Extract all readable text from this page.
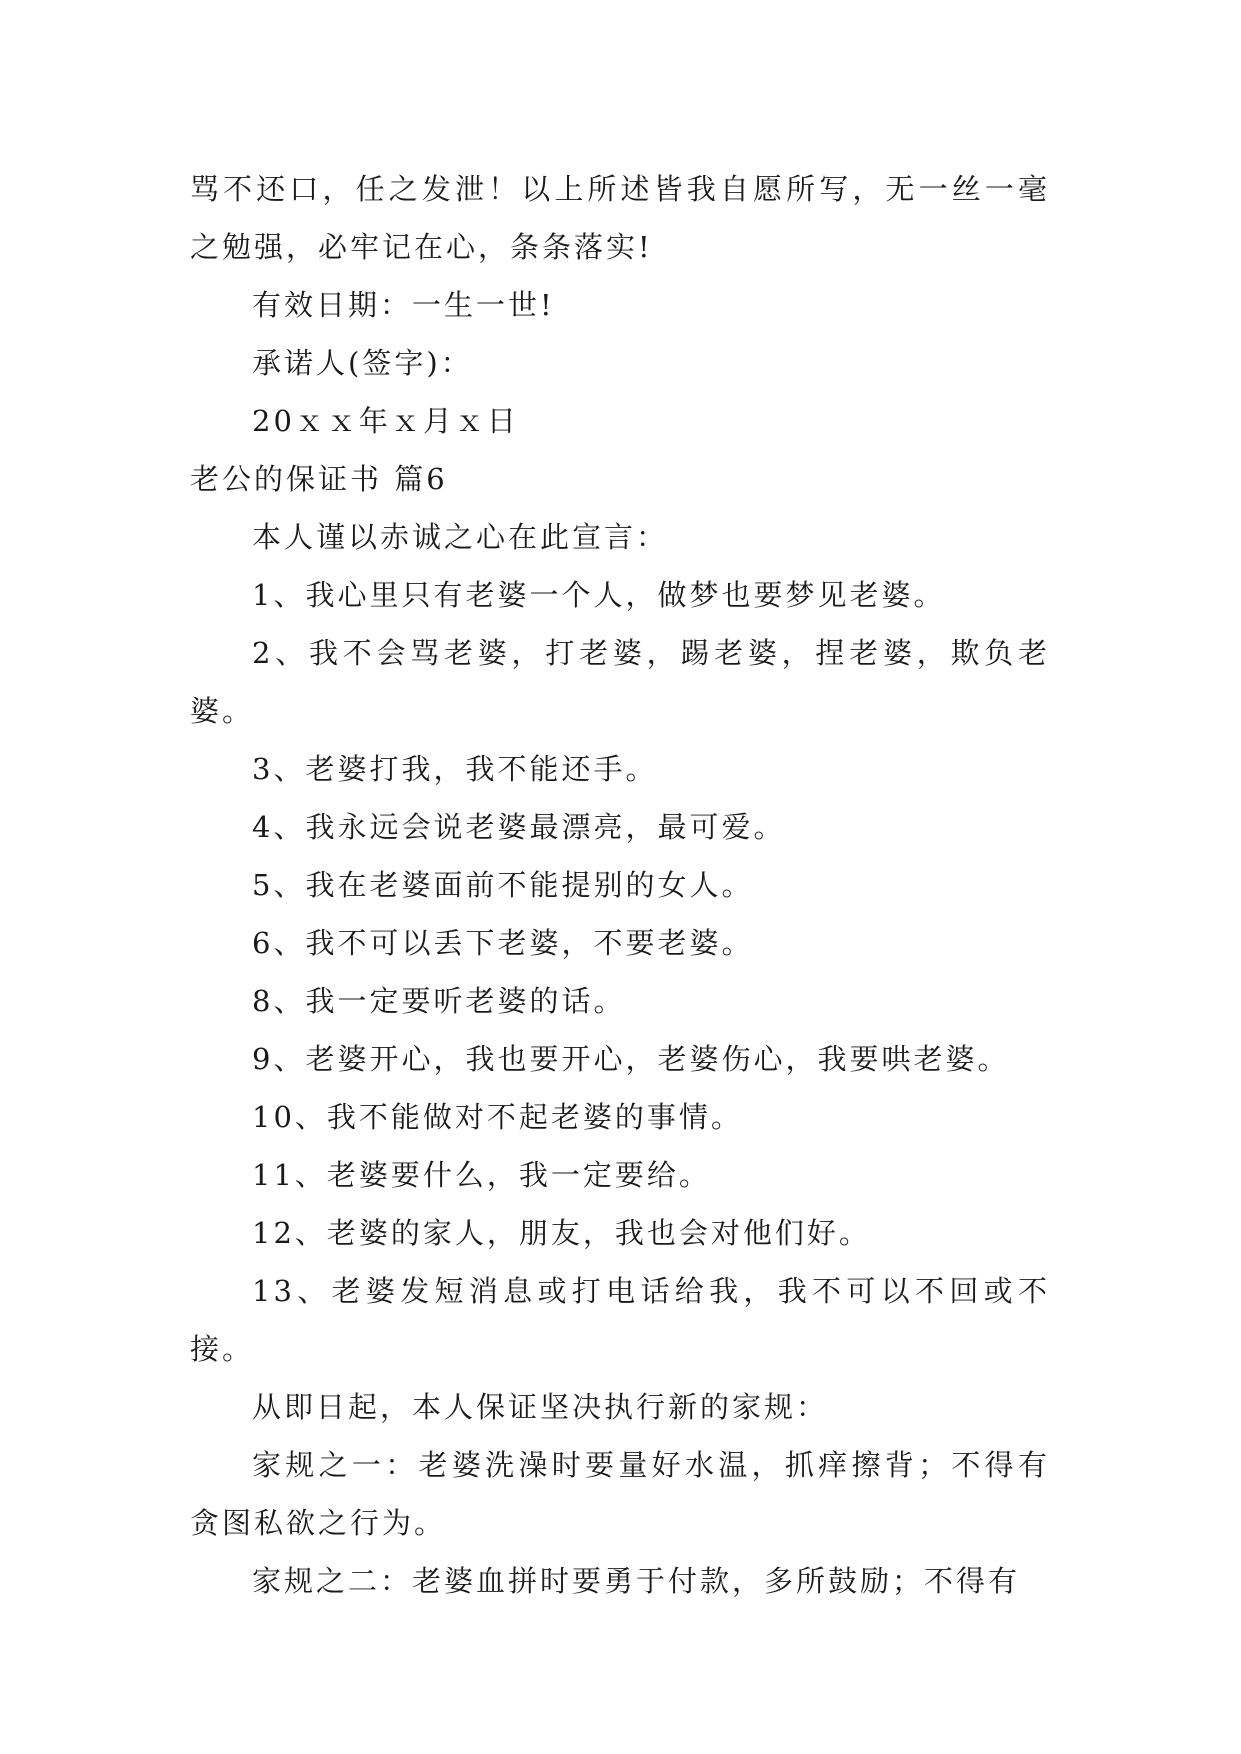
骂不还口，任之发泄！以上所述皆我自愿所写，无一丝一毫之勉强，必牢记在心，条条落实!

有效日期：一生一世!

承诺人(签字)：

20ｘｘ年ｘ月ｘ日

老公的保证书 篇6

本人谨以赤诚之心在此宣言：

1、我心里只有老婆一个人，做梦也要梦见老婆。

2、我不会骂老婆，打老婆，踢老婆，捏老婆，欺负老婆。

3、老婆打我，我不能还手。

4、我永远会说老婆最漂亮，最可爱。

5、我在老婆面前不能提别的女人。

6、我不可以丢下老婆，不要老婆。

8、我一定要听老婆的话。

9、老婆开心，我也要开心，老婆伤心，我要哄老婆。

10、我不能做对不起老婆的事情。

11、老婆要什么，我一定要给。

12、老婆的家人，朋友，我也会对他们好。

13、老婆发短消息或打电话给我，我不可以不回或不接。

从即日起，本人保证坚决执行新的家规：

家规之一：老婆洗澡时要量好水温，抓痒擦背；不得有贪图私欲之行为。

家规之二：老婆血拼时要勇于付款，多所鼓励；不得有
